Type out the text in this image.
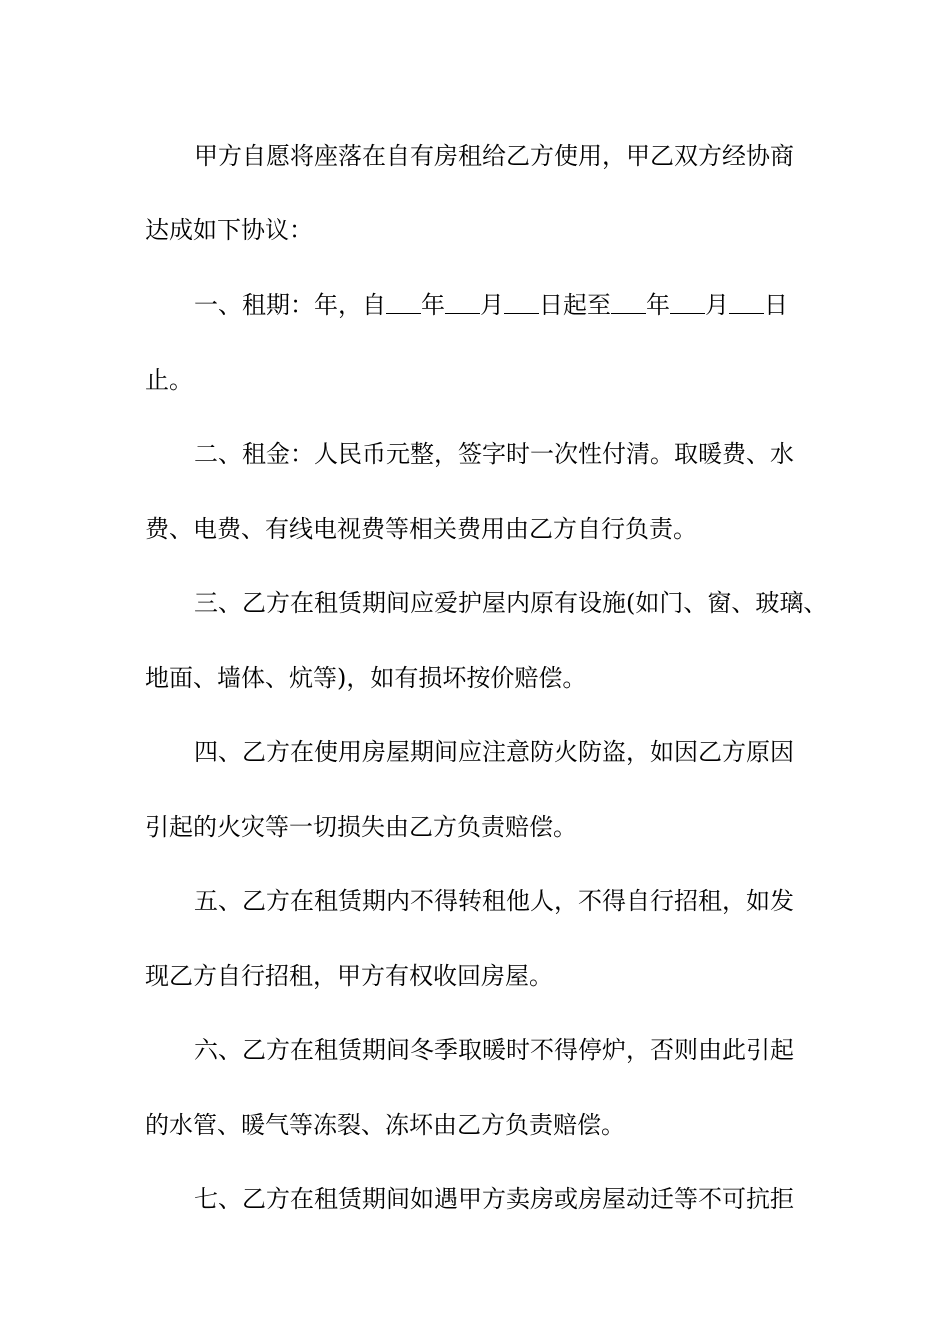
甲方自愿将座落在自有房租给乙方使用，甲乙双方经协商
达成如下协议：
一、租期：年，自 年 月 日起至 年 月 日
止。
二、租金：人民币元整，签字时一次性付清。取暖费、水
费、电费、有线电视费等相关费用由乙方自行负责。
三、乙方在租赁期间应爱护屋内原有设施(如门、窗、玻璃、
地面、墙体、炕等)，如有损坏按价赔偿。
四、乙方在使用房屋期间应注意防火防盗，如因乙方原因
引起的火灾等一切损失由乙方负责赔偿。
五、乙方在租赁期内不得转租他人，不得自行招租，如发
现乙方自行招租，甲方有权收回房屋。
六、乙方在租赁期间冬季取暖时不得停炉，否则由此引起
的水管、暖气等冻裂、冻坏由乙方负责赔偿。
七、乙方在租赁期间如遇甲方卖房或房屋动迁等不可抗拒
